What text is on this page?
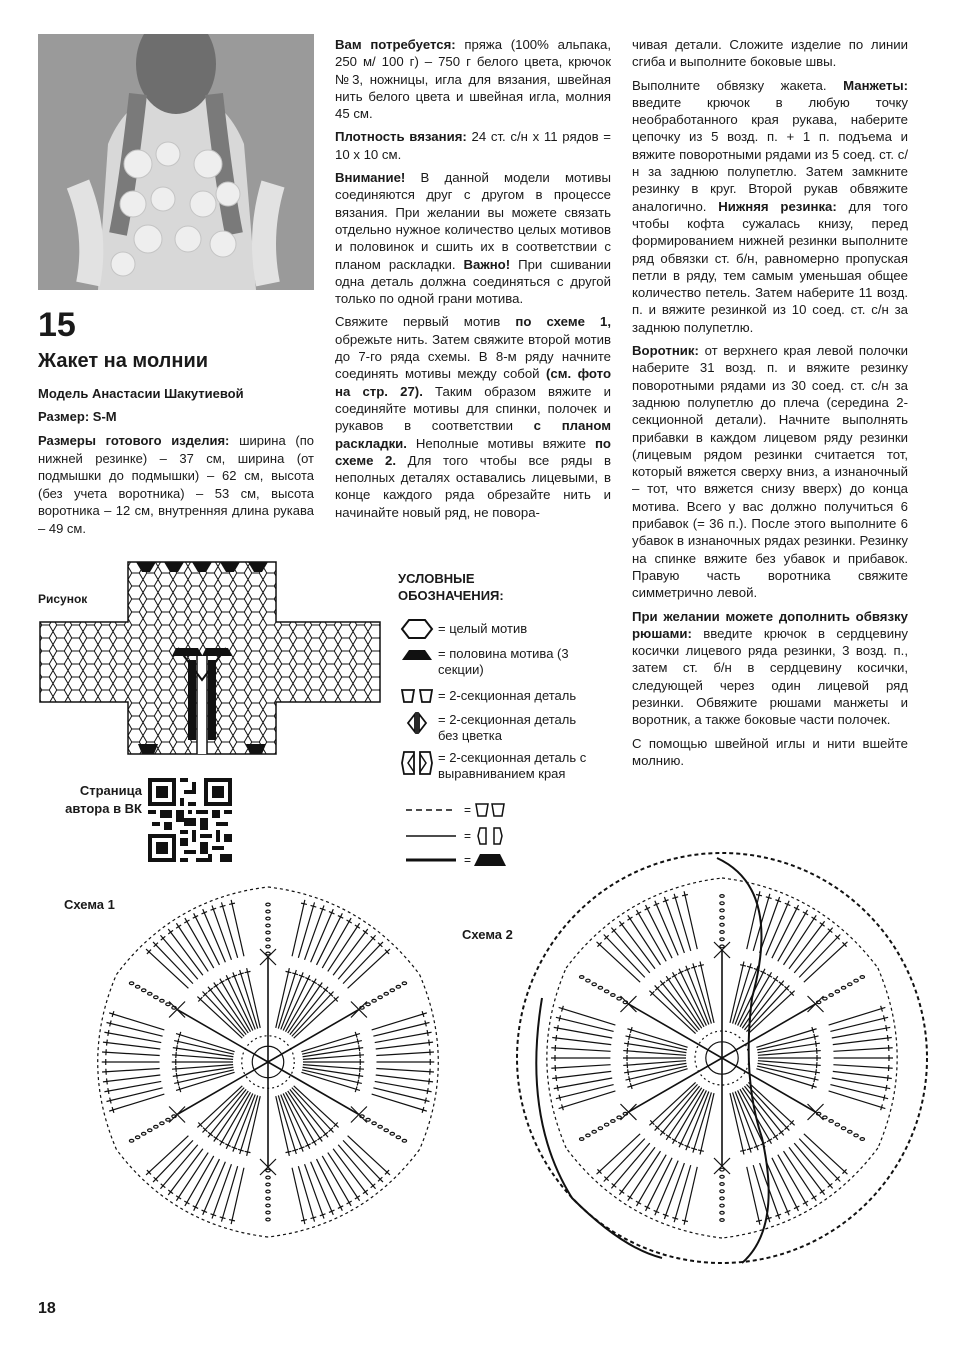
15
Жакет на молнии
Модель Анастасии Шакутиевой
Размер: S-M
Размеры готового изделия: ширина (по нижней резинке) – 37 см, ширина (от подмышки до подмышки) – 62 см, высота (без учета воротника) – 53 см, высота воротника – 12 см, внутренняя длина рукава – 49 см.

Вам потребуется: пряжа (100% альпака, 250 м/ 100 г) – 750 г белого цвета, крючок №3, ножницы, игла для вязания, швейная нить белого цвета и швейная игла, молния 45 см.

Плотность вязания: 24 ст. с/н х 11 рядов = 10 х 10 см.

Внимание! В данной модели мотивы соединяются друг с другом в процессе вязания. При желании вы можете связать отдельно нужное количество целых мотивов и половинок и сшить их в соответствии с планом раскладки. Важно! При сшивании одна деталь должна соединяться с другой только по одной грани мотива.

Свяжите первый мотив по схеме 1, обрежьте нить. Затем свяжите второй мотив до 7-го ряда схемы. В 8-м ряду начните соединять мотивы между собой (см. фото на стр. 27). Таким образом вяжите и соединяйте мотивы для спинки, полочек и рукавов в соответствии с планом раскладки. Неполные мотивы вяжите по схеме 2. Для того чтобы все ряды в неполных деталях оставались лицевыми, в конце каждого ряда обрезайте нить и начинайте новый ряд, не повора-

чивая детали. Сложите изделие по линии сгиба и выполните боковые швы.

Выполните обвязку жакета. Манжеты: введите крючок в любую точку необработанного края рукава, наберите цепочку из 5 возд. п. + 1 п. подъема и вяжите поворотными рядами из 5 соед. ст. с/н за заднюю полупетлю. Затем замкните резинку в круг. Второй рукав обвяжите аналогично. Нижняя резинка: для того чтобы кофта сужалась книзу, перед формированием нижней резинки выполните ряд обвязки ст. б/н, равномерно пропуская петли в ряду, тем самым уменьшая общее количество петель. Затем наберите 11 возд. п. и вяжите резинкой из 10 соед. ст. с/н за заднюю полупетлю.

Воротник: от верхнего края левой полочки наберите 31 возд. п. и вяжите резинку поворотными рядами из 30 соед. ст. с/н за заднюю полупетлю до плеча (середина 2-секционной детали). Начните выполнять прибавки в каждом лицевом ряду резинки (лицевым рядом резинки считается тот, который вяжется сверху вниз, а изнаночный – тот, что вяжется снизу вверх) до конца мотива. Всего у вас должно получиться 6 прибавок (= 36 п.). После этого выполните 6 убавок в изнаночных рядах резинки. Резинку на спинке вяжите без убавок и прибавок. Правую часть воротника свяжите симметрично левой.

При желании можете дополнить обвязку рюшами: введите крючок в сердцевину косички лицевого ряда резинки, 3 возд. п., затем ст. б/н в сердцевину косички, следующей через один лицевой ряд резинки. Обвяжите рюшами манжеты и воротник, а также боковые части полочек.

С помощью швейной иглы и нити вшейте молнию.

Рисунок
УСЛОВНЫЕ
ОБОЗНАЧЕНИЯ:
= целый мотив
= половина мотива (3 секции)
= 2-секционная деталь
= 2-секционная деталь без цветка
= 2-секционная деталь с выравниванием края
=
=
=
Страница
автора в ВК
Схема 1
Схема 2
18
